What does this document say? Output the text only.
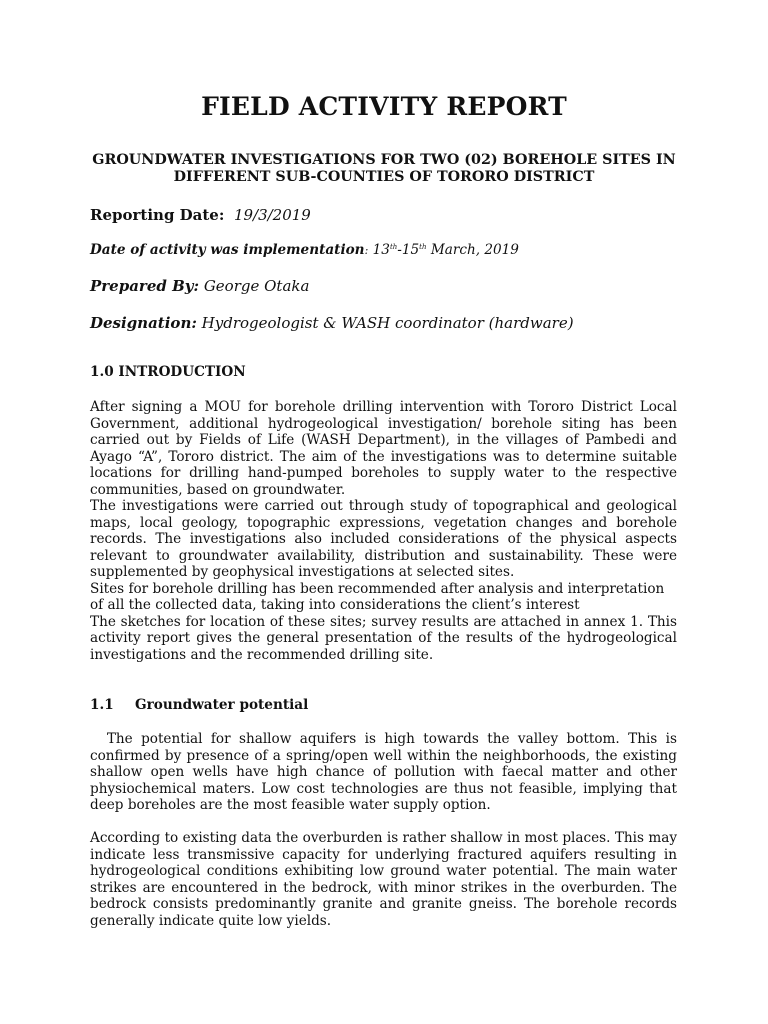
FIELD ACTIVITY REPORT
GROUNDWATER INVESTIGATIONS FOR TWO (02) BOREHOLE SITES IN DIFFERENT SUB-COUNTIES OF TORORO DISTRICT
Reporting Date: 19/3/2019
Date of activity was implementation: 13th-15th March, 2019
Prepared By: George Otaka
Designation: Hydrogeologist & WASH coordinator (hardware)
1.0 INTRODUCTION

After signing a MOU for borehole drilling intervention with Tororo District Local Government, additional hydrogeological investigation/ borehole siting has been carried out by Fields of Life (WASH Department), in the villages of Pambedi and Ayago “A”, Tororo district. The aim of the investigations was to determine suitable locations for drilling hand-pumped boreholes to supply water to the respective communities, based on groundwater.

The investigations were carried out through study of topographical and geological maps, local geology, topographic expressions, vegetation changes and borehole records. The investigations also included considerations of the physical aspects relevant to groundwater availability, distribution and sustainability. These were supplemented by geophysical investigations at selected sites.

Sites for borehole drilling has been recommended after analysis and interpretation of all the collected data, taking into considerations the client’s interest

The sketches for location of these sites; survey results are attached in annex 1. This activity report gives the general presentation of the results of the hydrogeological investigations and the recommended drilling site.

1.1 Groundwater potential

The potential for shallow aquifers is high towards the valley bottom. This is confirmed by presence of a spring/open well within the neighborhoods, the existing shallow open wells have high chance of pollution with faecal matter and other physiochemical maters. Low cost technologies are thus not feasible, implying that deep boreholes are the most feasible water supply option.

According to existing data the overburden is rather shallow in most places. This may indicate less transmissive capacity for underlying fractured aquifers resulting in hydrogeological conditions exhibiting low ground water potential. The main water strikes are encountered in the bedrock, with minor strikes in the overburden. The bedrock consists predominantly granite and granite gneiss. The borehole records generally indicate quite low yields.
